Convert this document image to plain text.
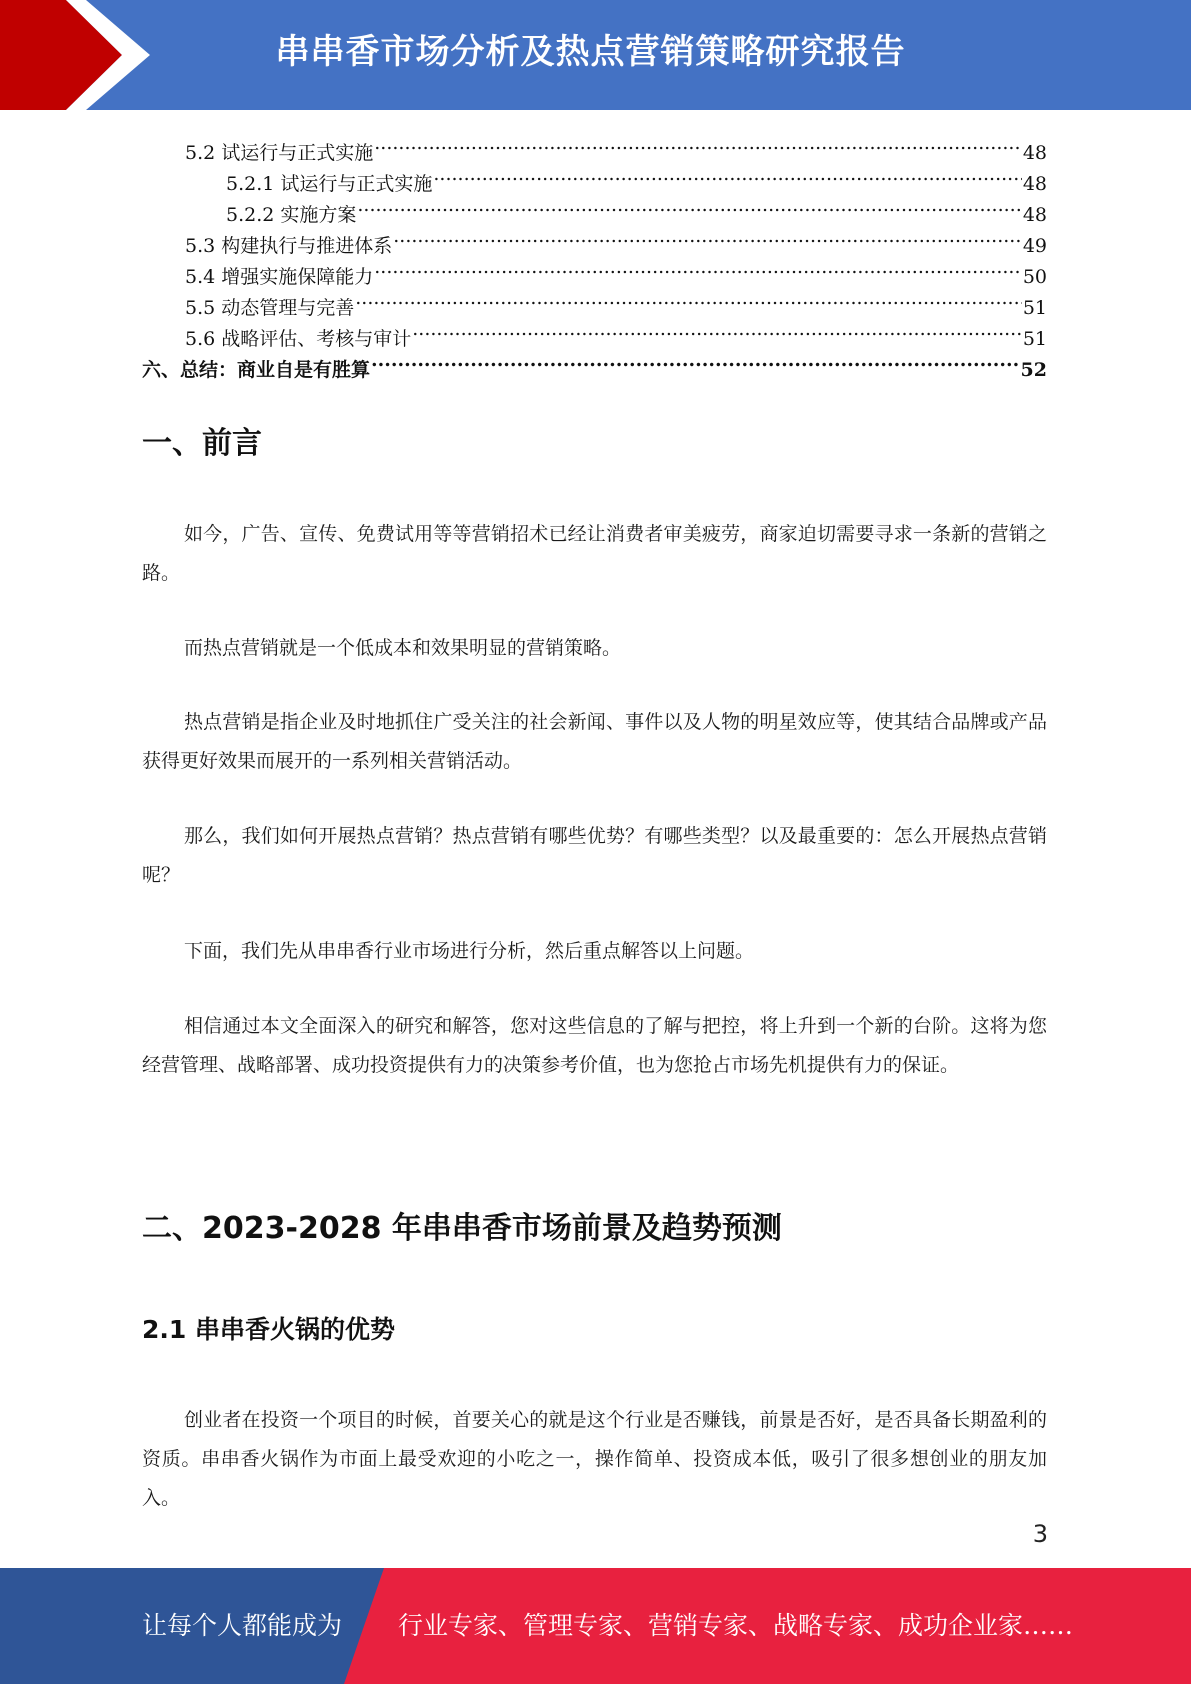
串串香市场分析及热点营销策略研究报告
5.2 试运行与正式实施 .....	48
5.2.1 试运行与正式实施 .....	48
5.2.2 实施方案 .....	48
5.3 构建执行与推进体系 .....	49
5.4 增强实施保障能力 .....	50
5.5 动态管理与完善 .....	51
5.6 战略评估、考核与审计 .....	51
六、总结：商业自是有胜算 .....	52
一、前言

如今，广告、宣传、免费试用等等营销招术已经让消费者审美疲劳，商家迫切需要寻求一条新的营销之路。

而热点营销就是一个低成本和效果明显的营销策略。

热点营销是指企业及时地抓住广受关注的社会新闻、事件以及人物的明星效应等，使其结合品牌或产品获得更好效果而展开的一系列相关营销活动。

那么，我们如何开展热点营销？热点营销有哪些优势？有哪些类型？以及最重要的：怎么开展热点营销呢？

下面，我们先从串串香行业市场进行分析，然后重点解答以上问题。

相信通过本文全面深入的研究和解答，您对这些信息的了解与把控，将上升到一个新的台阶。这将为您经营管理、战略部署、成功投资提供有力的决策参考价值，也为您抢占市场先机提供有力的保证。

二、2023-2028 年串串香市场前景及趋势预测
2.1 串串香火锅的优势

创业者在投资一个项目的时候，首要关心的就是这个行业是否赚钱，前景是否好，是否具备长期盈利的资质。串串香火锅作为市面上最受欢迎的小吃之一，操作简单、投资成本低，吸引了很多想创业的朋友加入。

3
让每个人都能成为 行业专家、管理专家、营销专家、战略专家、成功企业家……
